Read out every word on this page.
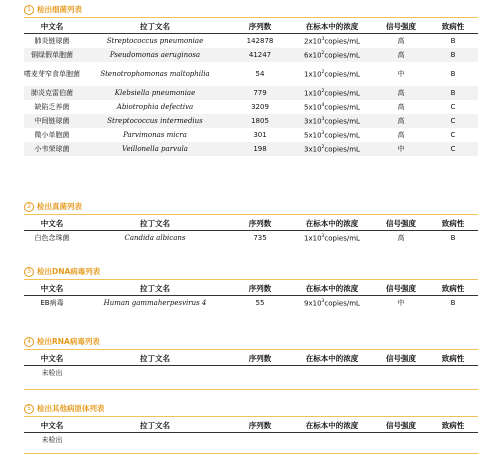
1 检出细菌列表
中文名	拉丁文名	序列数	在标本中的浓度	信号强度	致病性
肺炎链球菌	Streptococcus pneumoniae	142878	$2x10^3copies/mL$	高	B
铜绿假单胞菌	Pseudomonas aeruginosa	41247	$6x10^2copies/mL$	高	B
嗜麦芽窄食单胞菌	Stenotrophomonas maltophilia	54	$1x10^2copies/mL$	中	B
肺炎克雷伯菌	Klebsiella pneumoniae	779	$1x10^2copies/mL$	高	B
缺陷乏养菌	Abiotrophia defectiva	3209	$5x10^4copies/mL$	高	C
中间链球菌	Streptococcus intermedius	1805	$3x10^3copies/mL$	高	C
微小单胞菌	Parvimonas micra	301	$5x10^3copies/mL$	高	C
小韦荣球菌	Veillonella parvula	198	$3x10^2copies/mL$	中	C
2 检出真菌列表
中文名	拉丁文名	序列数	在标本中的浓度	信号强度	致病性
白色念珠菌	Candida albicans	735	$1x10^3copies/mL$	高	B
3 检出DNA病毒列表
中文名	拉丁文名	序列数	在标本中的浓度	信号强度	致病性
EB病毒	Human gammaherpesvirus 4	55	$9x10^3copies/mL$	中	B
4 检出RNA病毒列表
中文名	拉丁文名	序列数	在标本中的浓度	信号强度	致病性
未检出					
5 检出其他病原体列表
中文名	拉丁文名	序列数	在标本中的浓度	信号强度	致病性
未检出					
